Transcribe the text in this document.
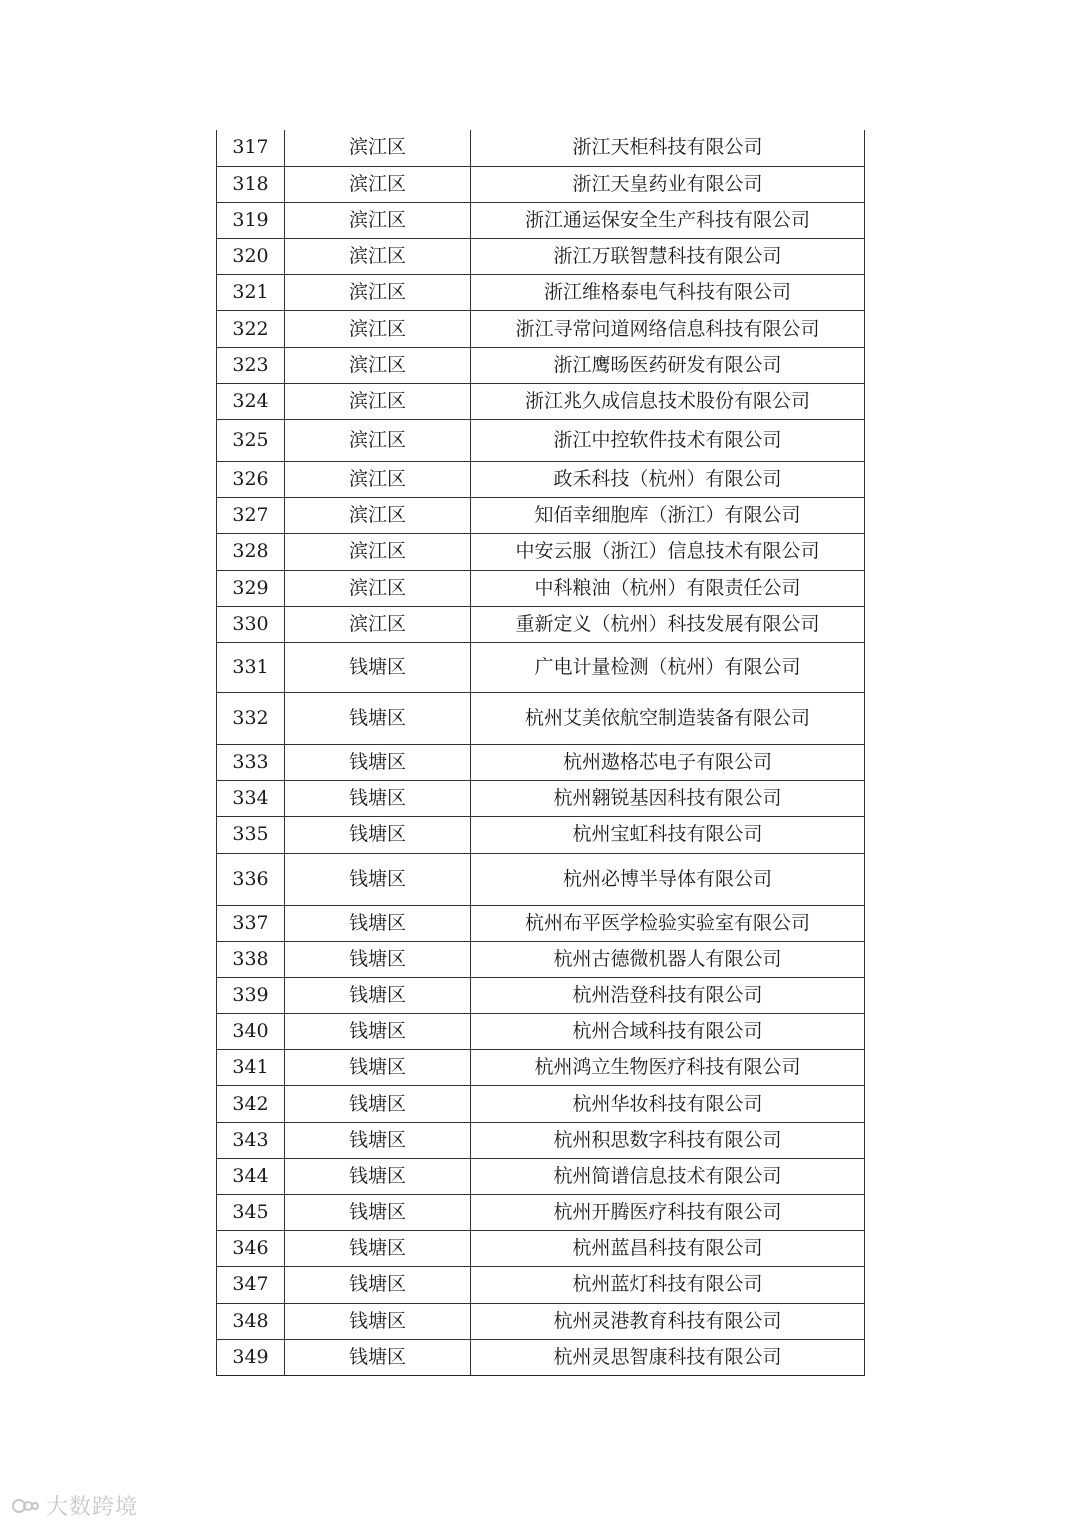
317	滨江区	浙江天柜科技有限公司
318	滨江区	浙江天皇药业有限公司
319	滨江区	浙江通运保安全生产科技有限公司
320	滨江区	浙江万联智慧科技有限公司
321	滨江区	浙江维格泰电气科技有限公司
322	滨江区	浙江寻常问道网络信息科技有限公司
323	滨江区	浙江鹰旸医药研发有限公司
324	滨江区	浙江兆久成信息技术股份有限公司
325	滨江区	浙江中控软件技术有限公司
326	滨江区	政禾科技（杭州）有限公司
327	滨江区	知佰幸细胞库（浙江）有限公司
328	滨江区	中安云服（浙江）信息技术有限公司
329	滨江区	中科粮油（杭州）有限责任公司
330	滨江区	重新定义（杭州）科技发展有限公司
331	钱塘区	广电计量检测（杭州）有限公司
332	钱塘区	杭州艾美依航空制造装备有限公司
333	钱塘区	杭州遨格芯电子有限公司
334	钱塘区	杭州翱锐基因科技有限公司
335	钱塘区	杭州宝虹科技有限公司
336	钱塘区	杭州必博半导体有限公司
337	钱塘区	杭州布平医学检验实验室有限公司
338	钱塘区	杭州古德微机器人有限公司
339	钱塘区	杭州浩登科技有限公司
340	钱塘区	杭州合域科技有限公司
341	钱塘区	杭州鸿立生物医疗科技有限公司
342	钱塘区	杭州华妆科技有限公司
343	钱塘区	杭州积思数字科技有限公司
344	钱塘区	杭州简谱信息技术有限公司
345	钱塘区	杭州开腾医疗科技有限公司
346	钱塘区	杭州蓝昌科技有限公司
347	钱塘区	杭州蓝灯科技有限公司
348	钱塘区	杭州灵港教育科技有限公司
349	钱塘区	杭州灵思智康科技有限公司
大数跨境
